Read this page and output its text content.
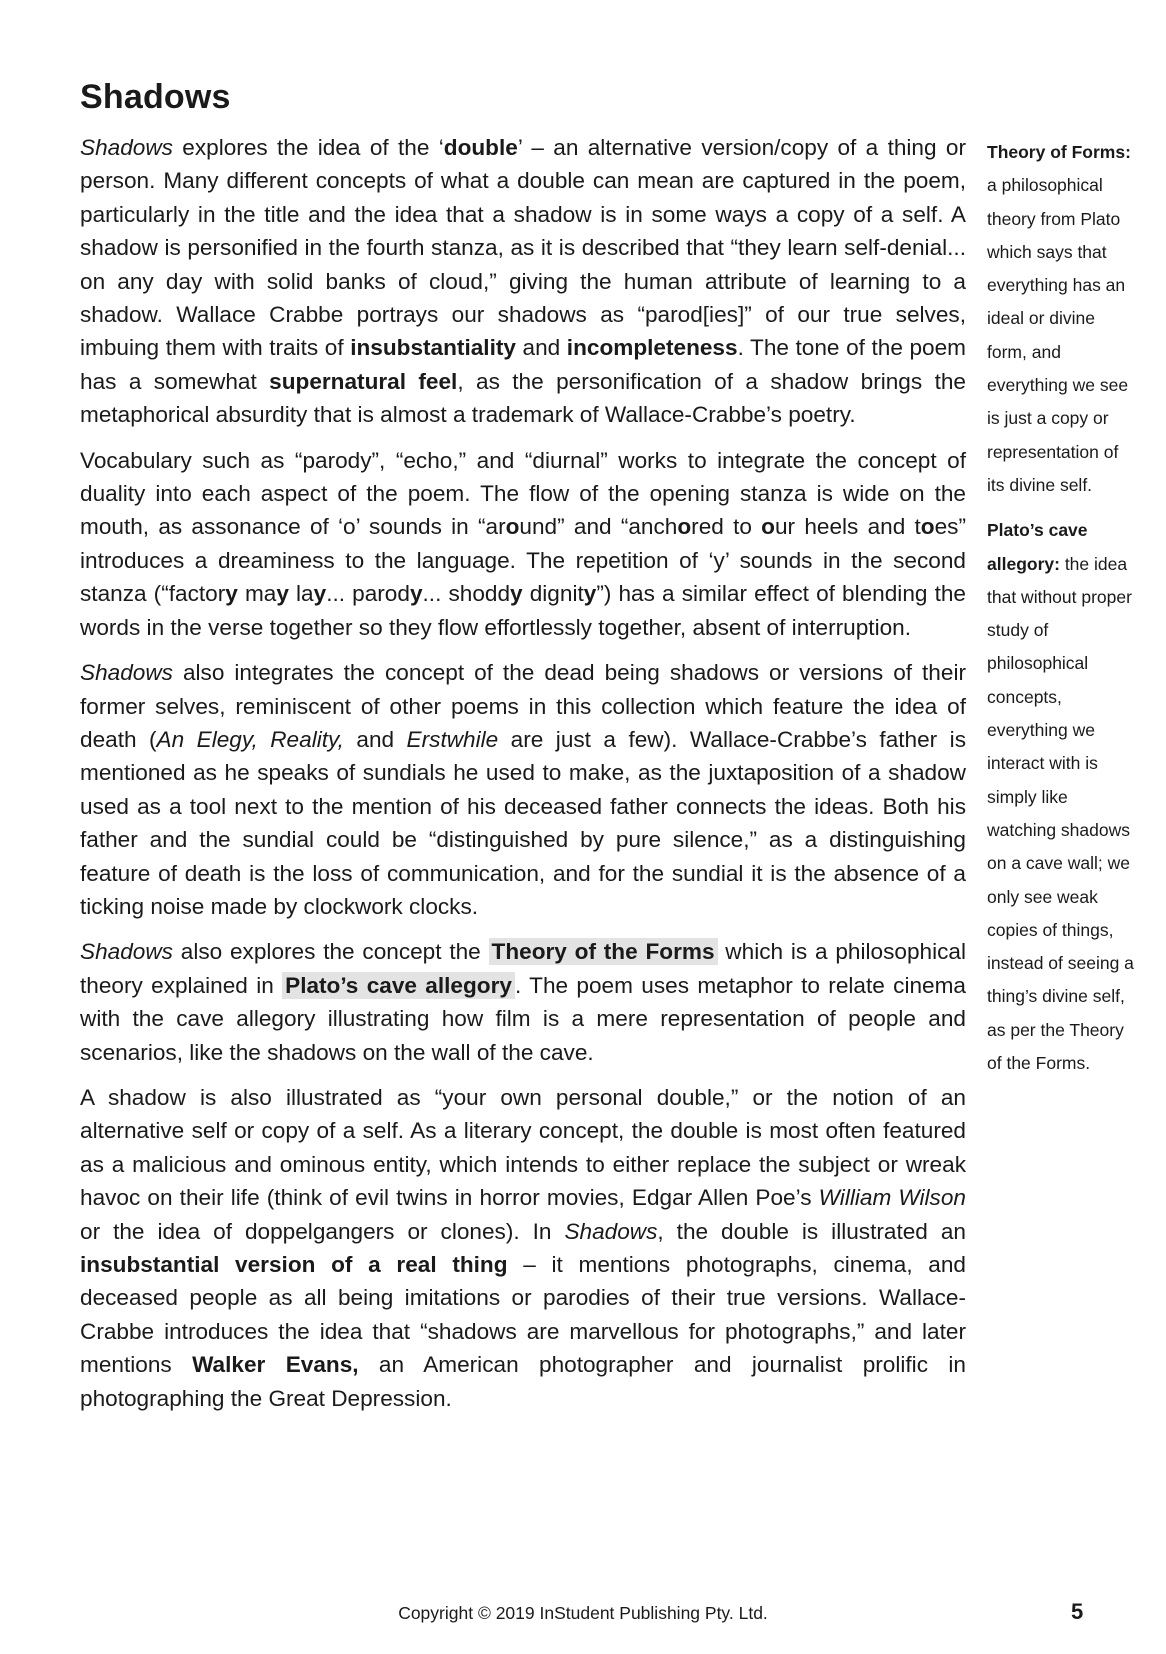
Shadows

Shadows explores the idea of the ‘double’ – an alternative version/copy of a thing or person. Many different concepts of what a double can mean are captured in the poem, particularly in the title and the idea that a shadow is in some ways a copy of a self. A shadow is personified in the fourth stanza, as it is described that “they learn self-denial... on any day with solid banks of cloud,” giving the human attribute of learning to a shadow. Wallace Crabbe portrays our shadows as “parod[ies]” of our true selves, imbuing them with traits of insubstantiality and incompleteness. The tone of the poem has a somewhat supernatural feel, as the personification of a shadow brings the metaphorical absurdity that is almost a trademark of Wallace-Crabbe’s poetry.

Vocabulary such as “parody”, “echo,” and “diurnal” works to integrate the concept of duality into each aspect of the poem. The flow of the opening stanza is wide on the mouth, as assonance of ‘o’ sounds in “around” and “anchored to our heels and toes” introduces a dreaminess to the language. The repetition of ‘y’ sounds in the second stanza (“factory may lay... parody... shoddy dignity”) has a similar effect of blending the words in the verse together so they flow effortlessly together, absent of interruption.

Shadows also integrates the concept of the dead being shadows or versions of their former selves, reminiscent of other poems in this collection which feature the idea of death (An Elegy, Reality, and Erstwhile are just a few). Wallace-Crabbe’s father is mentioned as he speaks of sundials he used to make, as the juxtaposition of a shadow used as a tool next to the mention of his deceased father connects the ideas. Both his father and the sundial could be “distinguished by pure silence,” as a distinguishing feature of death is the loss of communication, and for the sundial it is the absence of a ticking noise made by clockwork clocks.

Shadows also explores the concept the Theory of the Forms which is a philosophical theory explained in Plato’s cave allegory . The poem uses metaphor to relate cinema with the cave allegory illustrating how film is a mere representation of people and scenarios, like the shadows on the wall of the cave.

A shadow is also illustrated as “your own personal double,” or the notion of an alternative self or copy of a self. As a literary concept, the double is most often featured as a malicious and ominous entity, which intends to either replace the subject or wreak havoc on their life (think of evil twins in horror movies, Edgar Allen Poe’s William Wilson or the idea of doppelgangers or clones). In Shadows, the double is illustrated an insubstantial version of a real thing – it mentions photographs, cinema, and deceased people as all being imitations or parodies of their true versions. Wallace-Crabbe introduces the idea that “shadows are marvellous for photographs,” and later mentions Walker Evans, an American photographer and journalist prolific in photographing the Great Depression.

Theory of Forms: a philosophical theory from Plato which says that everything has an ideal or divine form, and everything we see is just a copy or representation of its divine self.

Plato’s cave allegory: the idea that without proper study of philosophical concepts, everything we interact with is simply like watching shadows on a cave wall; we only see weak copies of things, instead of seeing a thing’s divine self, as per the Theory of the Forms.

Copyright © 2019 InStudent Publishing Pty. Ltd.	5
